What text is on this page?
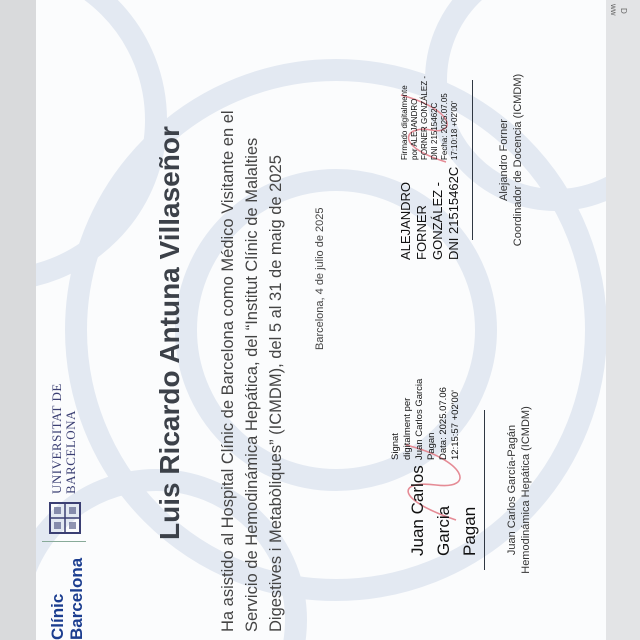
Clínic Barcelona
UNIVERSITAT DE BARCELONA	Luis Ricardo Antuna Villaseñor Ha asistido al Hospital Clínic de Barcelona como Médico Visitante en el Servicio de Hemodinámica Hepática, del “Institut Clínic de Malalties Digestives i Metabòliques” (ICMDM), del 5 al 31 de maig de 2025	Barcelona, 4 de julio de 2025
Juan Carlos Garcia Pagan
Signat digitalment per Juan Carlos Garcia Pagan Data: 2025.07.06 12:15:57 +02'00'	Juan Carlos García-Pagán Hemodinámica Hepática (ICMDM)
ALEJANDRO FORNER GONZÁLEZ - DNI 21515462C
Firmado digitalmente por ALEJANDRO FORNER GONZÁLEZ - DNI 21515462C Fecha: 2025.07.05 17:10:18 +02'00'	Alejandro Forner Coordinador de Docencia (ICMDM)
D
ww
